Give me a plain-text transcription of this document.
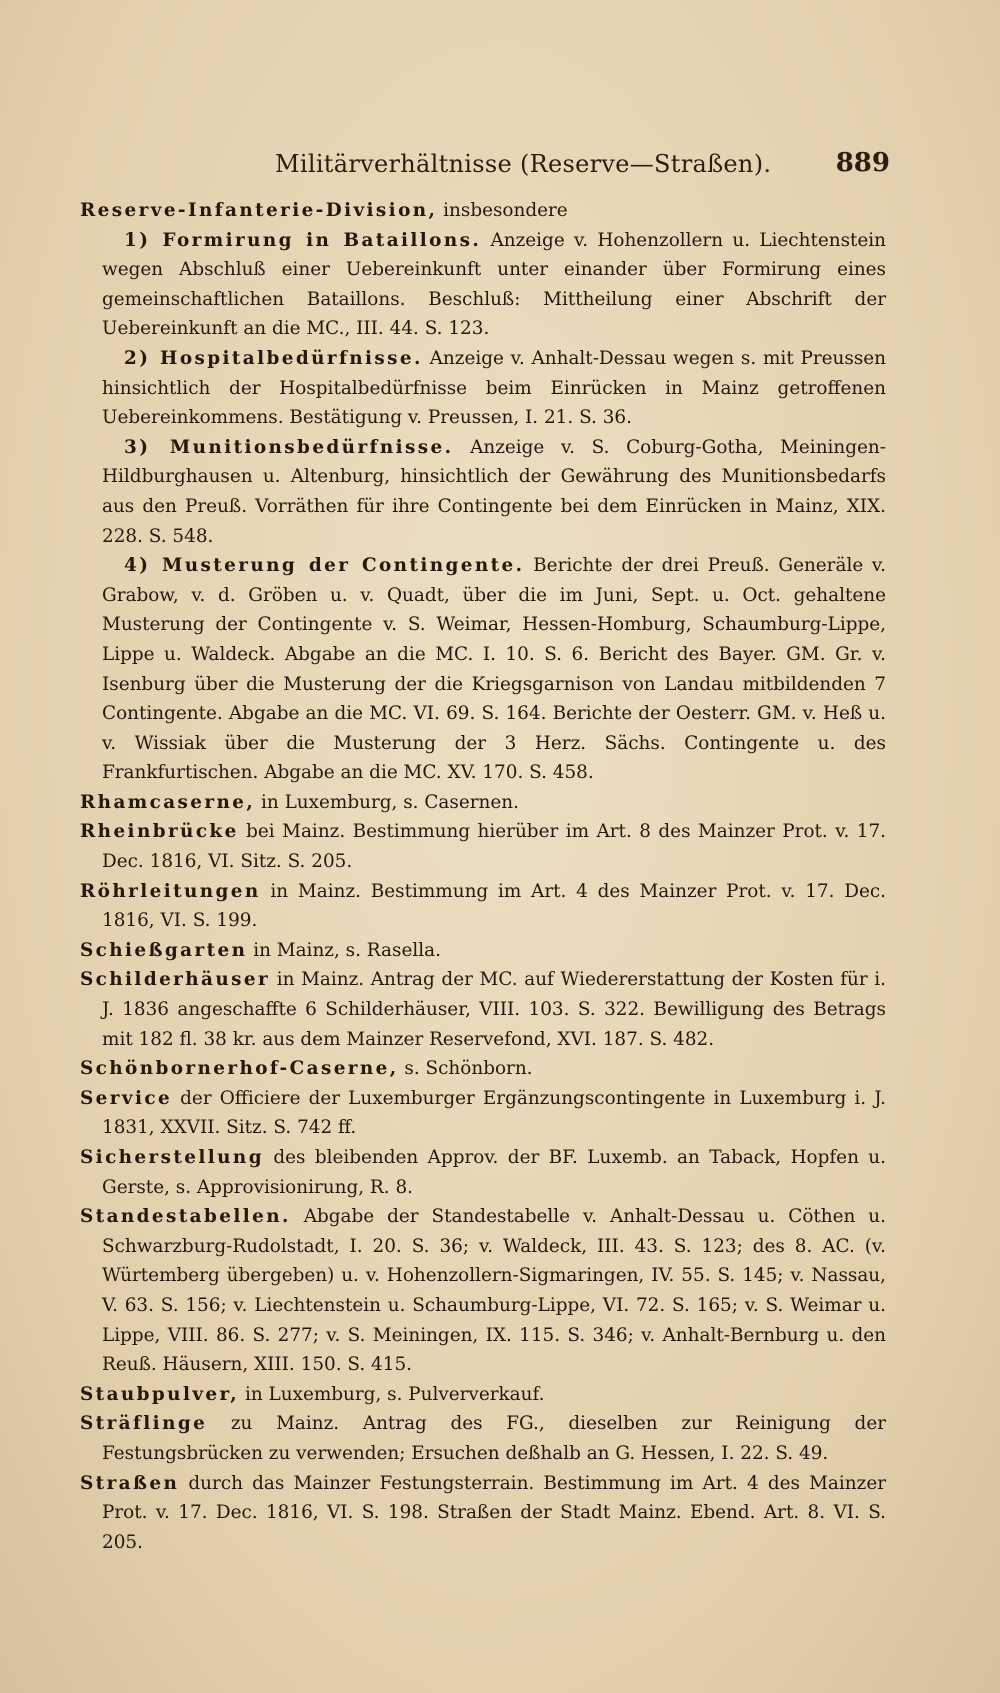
Militärverhältnisse (Reserve—Straßen). 889

Reserve-Infanterie-Division, insbesondere

1) Formirung in Bataillons. Anzeige v. Hohenzollern u. Liechtenstein wegen Abschluß einer Uebereinkunft unter einander über Formirung eines gemeinschaftlichen Bataillons. Beschluß: Mittheilung einer Abschrift der Uebereinkunft an die MC., III. 44. S. 123.

2) Hospitalbedürfnisse. Anzeige v. Anhalt-Dessau wegen s. mit Preussen hinsichtlich der Hospitalbedürfnisse beim Einrücken in Mainz getroffenen Uebereinkommens. Bestätigung v. Preussen, I. 21. S. 36.

3) Munitionsbedürfnisse. Anzeige v. S. Coburg-Gotha, Meiningen-Hildburghausen u. Altenburg, hinsichtlich der Gewährung des Munitionsbedarfs aus den Preuß. Vorräthen für ihre Contingente bei dem Einrücken in Mainz, XIX. 228. S. 548.

4) Musterung der Contingente. Berichte der drei Preuß. Generäle v. Grabow, v. d. Gröben u. v. Quadt, über die im Juni, Sept. u. Oct. gehaltene Musterung der Contingente v. S. Weimar, Hessen-Homburg, Schaumburg-Lippe, Lippe u. Waldeck. Abgabe an die MC. I. 10. S. 6. Bericht des Bayer. GM. Gr. v. Isenburg über die Musterung der die Kriegsgarnison von Landau mitbildenden 7 Contingente. Abgabe an die MC. VI. 69. S. 164. Berichte der Oesterr. GM. v. Heß u. v. Wissiak über die Musterung der 3 Herz. Sächs. Contingente u. des Frankfurtischen. Abgabe an die MC. XV. 170. S. 458.

Rhamcaserne, in Luxemburg, s. Casernen.

Rheinbrücke bei Mainz. Bestimmung hierüber im Art. 8 des Mainzer Prot. v. 17. Dec. 1816, VI. Sitz. S. 205.

Röhrleitungen in Mainz. Bestimmung im Art. 4 des Mainzer Prot. v. 17. Dec. 1816, VI. S. 199.

Schießgarten in Mainz, s. Rasella.

Schilderhäuser in Mainz. Antrag der MC. auf Wiedererstattung der Kosten für i. J. 1836 angeschaffte 6 Schilderhäuser, VIII. 103. S. 322. Bewilligung des Betrags mit 182 fl. 38 kr. aus dem Mainzer Reservefond, XVI. 187. S. 482.

Schönbornerhof-Caserne, s. Schönborn.

Service der Officiere der Luxemburger Ergänzungscontingente in Luxemburg i. J. 1831, XXVII. Sitz. S. 742 ff.

Sicherstellung des bleibenden Approv. der BF. Luxemb. an Taback, Hopfen u. Gerste, s. Approvisionirung, R. 8.

Standestabellen. Abgabe der Standestabelle v. Anhalt-Dessau u. Cöthen u. Schwarzburg-Rudolstadt, I. 20. S. 36; v. Waldeck, III. 43. S. 123; des 8. AC. (v. Würtemberg übergeben) u. v. Hohenzollern-Sigmaringen, IV. 55. S. 145; v. Nassau, V. 63. S. 156; v. Liechtenstein u. Schaumburg-Lippe, VI. 72. S. 165; v. S. Weimar u. Lippe, VIII. 86. S. 277; v. S. Meiningen, IX. 115. S. 346; v. Anhalt-Bernburg u. den Reuß. Häusern, XIII. 150. S. 415.

Staubpulver, in Luxemburg, s. Pulververkauf.

Sträflinge zu Mainz. Antrag des FG., dieselben zur Reinigung der Festungsbrücken zu verwenden; Ersuchen deßhalb an G. Hessen, I. 22. S. 49.

Straßen durch das Mainzer Festungsterrain. Bestimmung im Art. 4 des Mainzer Prot. v. 17. Dec. 1816, VI. S. 198. Straßen der Stadt Mainz. Ebend. Art. 8. VI. S. 205.
